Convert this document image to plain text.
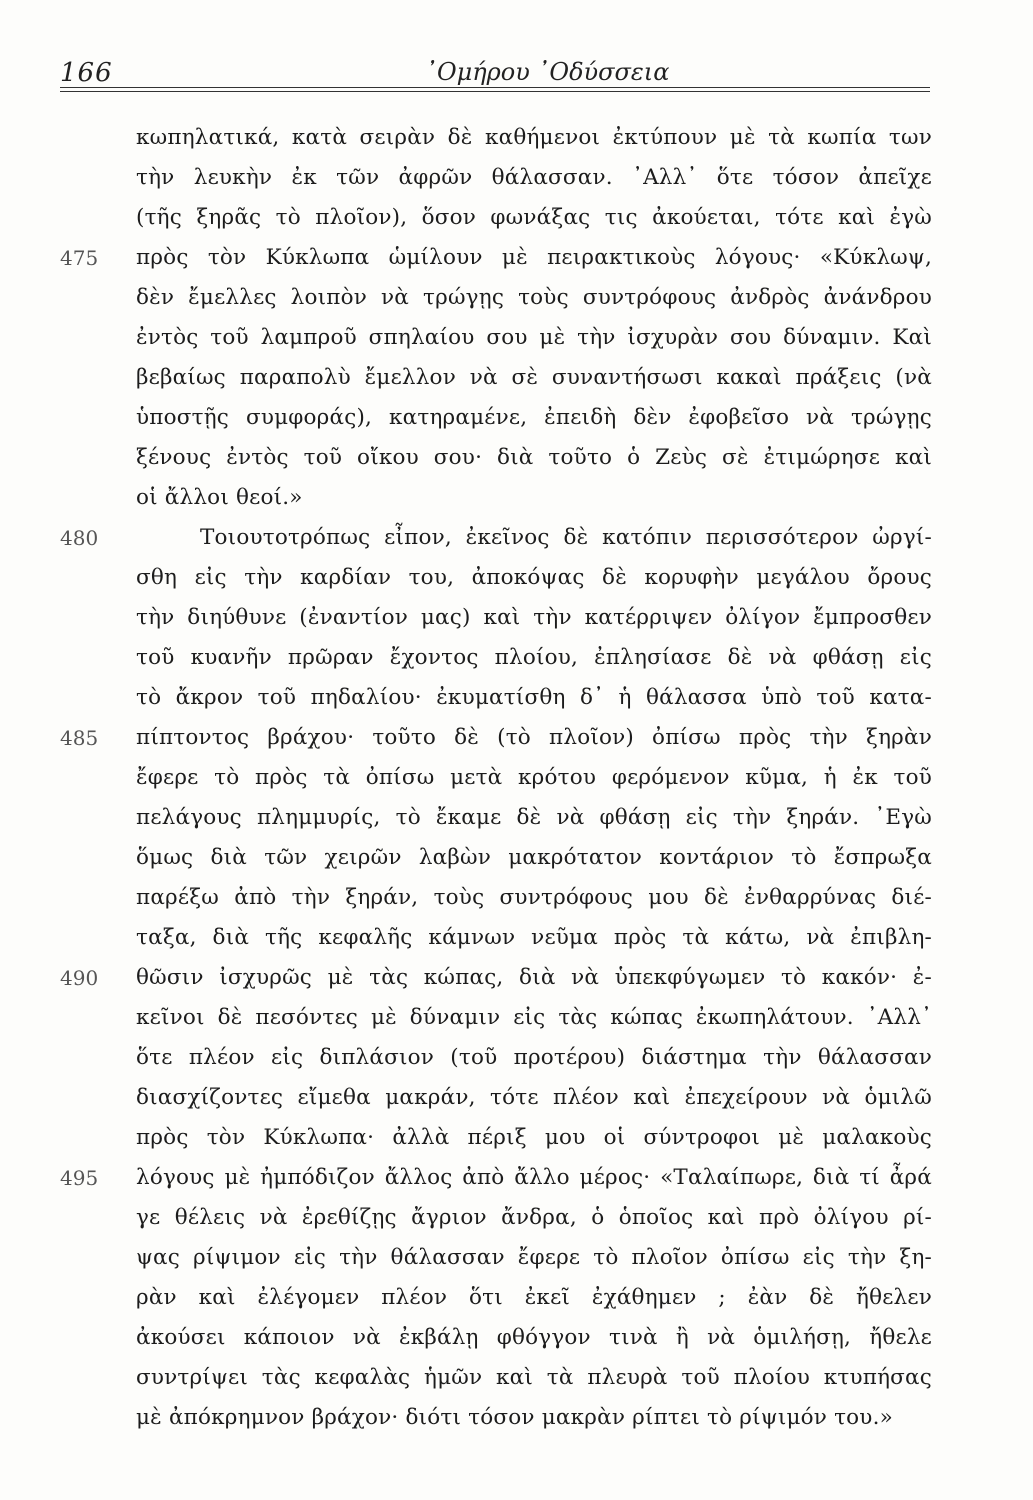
166	᾽Ομήρου ᾽Οδύσσεια
κωπηλατικά, κατὰ σειρὰν δὲ καθήμενοι ἐκτύπουν μὲ τὰ κωπία των
τὴν λευκὴν ἐκ τῶν ἀφρῶν θάλασσαν. ᾽Αλλ᾽ ὅτε τόσον ἀπεῖχε
(τῆς ξηρᾶς τὸ πλοῖον), ὅσον φωνάξας τις ἀκούεται, τότε καὶ ἐγὼ
πρὸς τὸν Κύκλωπα ὡμίλουν μὲ πειρακτικοὺς λόγους· «Κύκλωψ,
δὲν ἔμελλες λοιπὸν νὰ τρώγῃς τοὺς συντρόφους ἀνδρὸς ἀνάνδρου
ἐντὸς τοῦ λαμπροῦ σπηλαίου σου μὲ τὴν ἰσχυρὰν σου δύναμιν. Καὶ
βεβαίως παραπολὺ ἔμελλον νὰ σὲ συναντήσωσι κακαὶ πράξεις (νὰ
ὑποστῇς συμφοράς), κατηραμένε, ἐπειδὴ δὲν ἐφοβεῖσο νὰ τρώγῃς
ξένους ἐντὸς τοῦ οἴκου σου· διὰ τοῦτο ὁ Ζεὺς σὲ ἐτιμώρησε καὶ
οἱ ἄλλοι θεοί.»
Τοιουτοτρόπως εἶπον, ἐκεῖνος δὲ κατόπιν περισσότερον ὠργί-
σθη εἰς τὴν καρδίαν του, ἀποκόψας δὲ κορυφὴν μεγάλου ὄρους
τὴν διηύθυνε (ἐναντίον μας) καὶ τὴν κατέρριψεν ὀλίγον ἔμπροσθεν
τοῦ κυανῆν πρῶραν ἔχοντος πλοίου, ἐπλησίασε δὲ νὰ φθάσῃ εἰς
τὸ ἄκρον τοῦ πηδαλίου· ἐκυματίσθη δ᾽ ἡ θάλασσα ὑπὸ τοῦ κατα-
πίπτοντος βράχου· τοῦτο δὲ (τὸ πλοῖον) ὀπίσω πρὸς τὴν ξηρὰν
ἔφερε τὸ πρὸς τὰ ὀπίσω μετὰ κρότου φερόμενον κῦμα, ἡ ἐκ τοῦ
πελάγους πλημμυρίς, τὸ ἔκαμε δὲ νὰ φθάσῃ εἰς τὴν ξηράν. ᾽Εγὼ
ὅμως διὰ τῶν χειρῶν λαβὼν μακρότατον κοντάριον τὸ ἔσπρωξα
παρέξω ἀπὸ τὴν ξηράν, τοὺς συντρόφους μου δὲ ἐνθαρρύνας διέ-
ταξα, διὰ τῆς κεφαλῆς κάμνων νεῦμα πρὸς τὰ κάτω, νὰ ἐπιβλη-
θῶσιν ἰσχυρῶς μὲ τὰς κώπας, διὰ νὰ ὑπεκφύγωμεν τὸ κακόν· ἐ-
κεῖνοι δὲ πεσόντες μὲ δύναμιν εἰς τὰς κώπας ἐκωπηλάτουν. ᾽Αλλ᾽
ὅτε πλέον εἰς διπλάσιον (τοῦ προτέρου) διάστημα τὴν θάλασσαν
διασχίζοντες εἴμεθα μακράν, τότε πλέον καὶ ἐπεχείρουν νὰ ὁμιλῶ
πρὸς τὸν Κύκλωπα· ἀλλὰ πέριξ μου οἱ σύντροφοι μὲ μαλακοὺς
λόγους μὲ ἠμπόδιζον ἄλλος ἀπὸ ἄλλο μέρος· «Ταλαίπωρε, διὰ τί ἆρά
γε θέλεις νὰ ἐρεθίζῃς ἄγριον ἄνδρα, ὁ ὁποῖος καὶ πρὸ ὀλίγου ρί-
ψας ρίψιμον εἰς τὴν θάλασσαν ἔφερε τὸ πλοῖον ὀπίσω εἰς τὴν ξη-
ρὰν καὶ ἐλέγομεν πλέον ὅτι ἐκεῖ ἐχάθημεν ; ἐὰν δὲ ἤθελεν
ἀκούσει κάποιον νὰ ἐκβάλῃ φθόγγον τινὰ ἢ νὰ ὁμιλήσῃ, ἤθελε
συντρίψει τὰς κεφαλὰς ἡμῶν καὶ τὰ πλευρὰ τοῦ πλοίου κτυπήσας
μὲ ἀπόκρημνον βράχον· διότι τόσον μακρὰν ρίπτει τὸ ρίψιμόν του.»
475
480
485
490
495
